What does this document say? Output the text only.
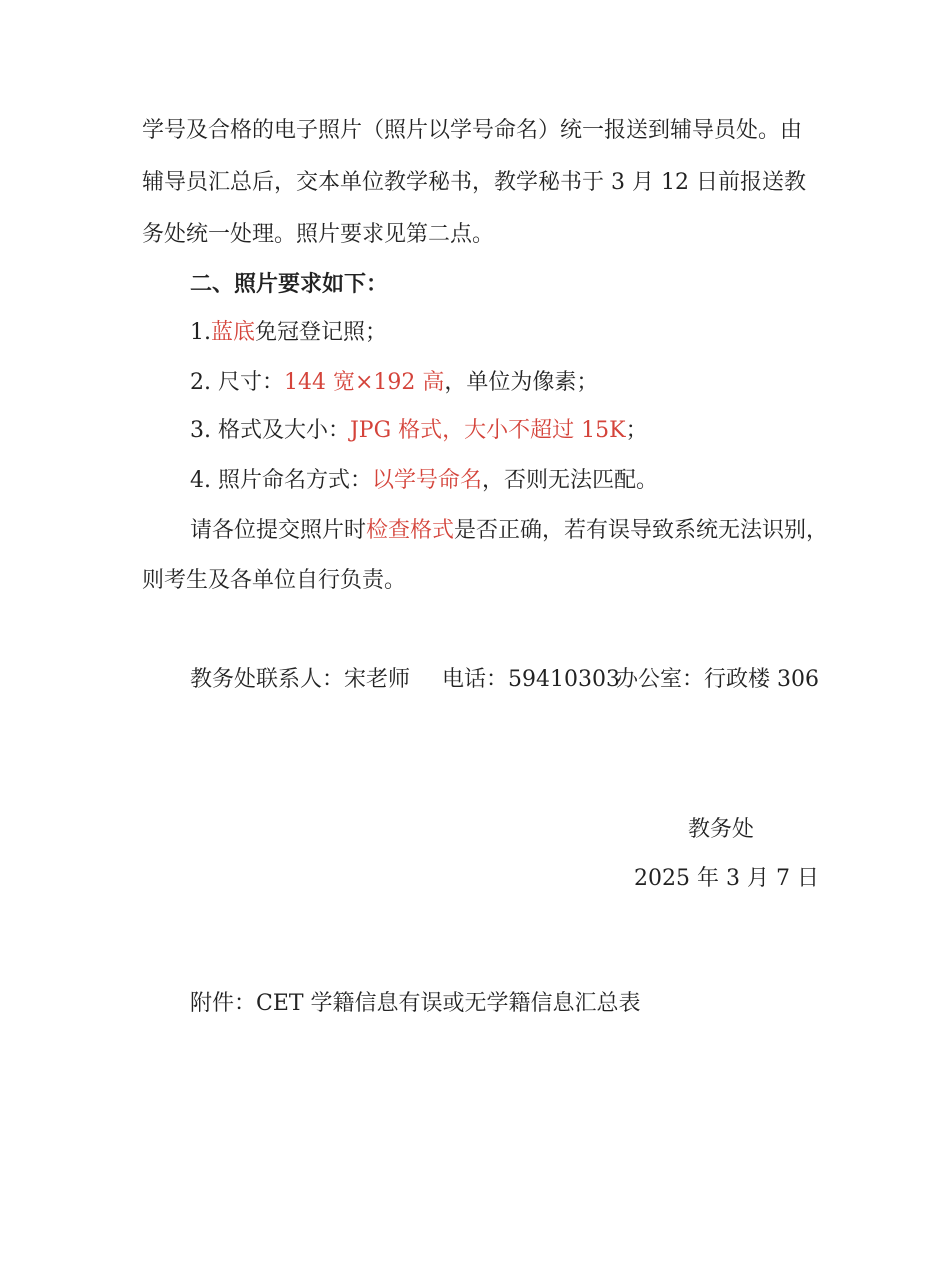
学号及合格的电子照片（照片以学号命名）统一报送到辅导员处。由
辅导员汇总后，交本单位教学秘书，教学秘书于 3 月 12 日前报送教
务处统一处理。照片要求见第二点。
二、照片要求如下：
1.蓝底免冠登记照；
2. 尺寸：144 宽×192 高，单位为像素；
3. 格式及大小：JPG 格式，大小不超过 15K；
4. 照片命名方式：以学号命名，否则无法匹配。
请各位提交照片时检查格式是否正确，若有误导致系统无法识别，
则考生及各单位自行负责。
教务处联系人：宋老师 电话：59410303
办公室：行政楼 306
教务处
2025 年 3 月 7 日
附件：CET 学籍信息有误或无学籍信息汇总表
